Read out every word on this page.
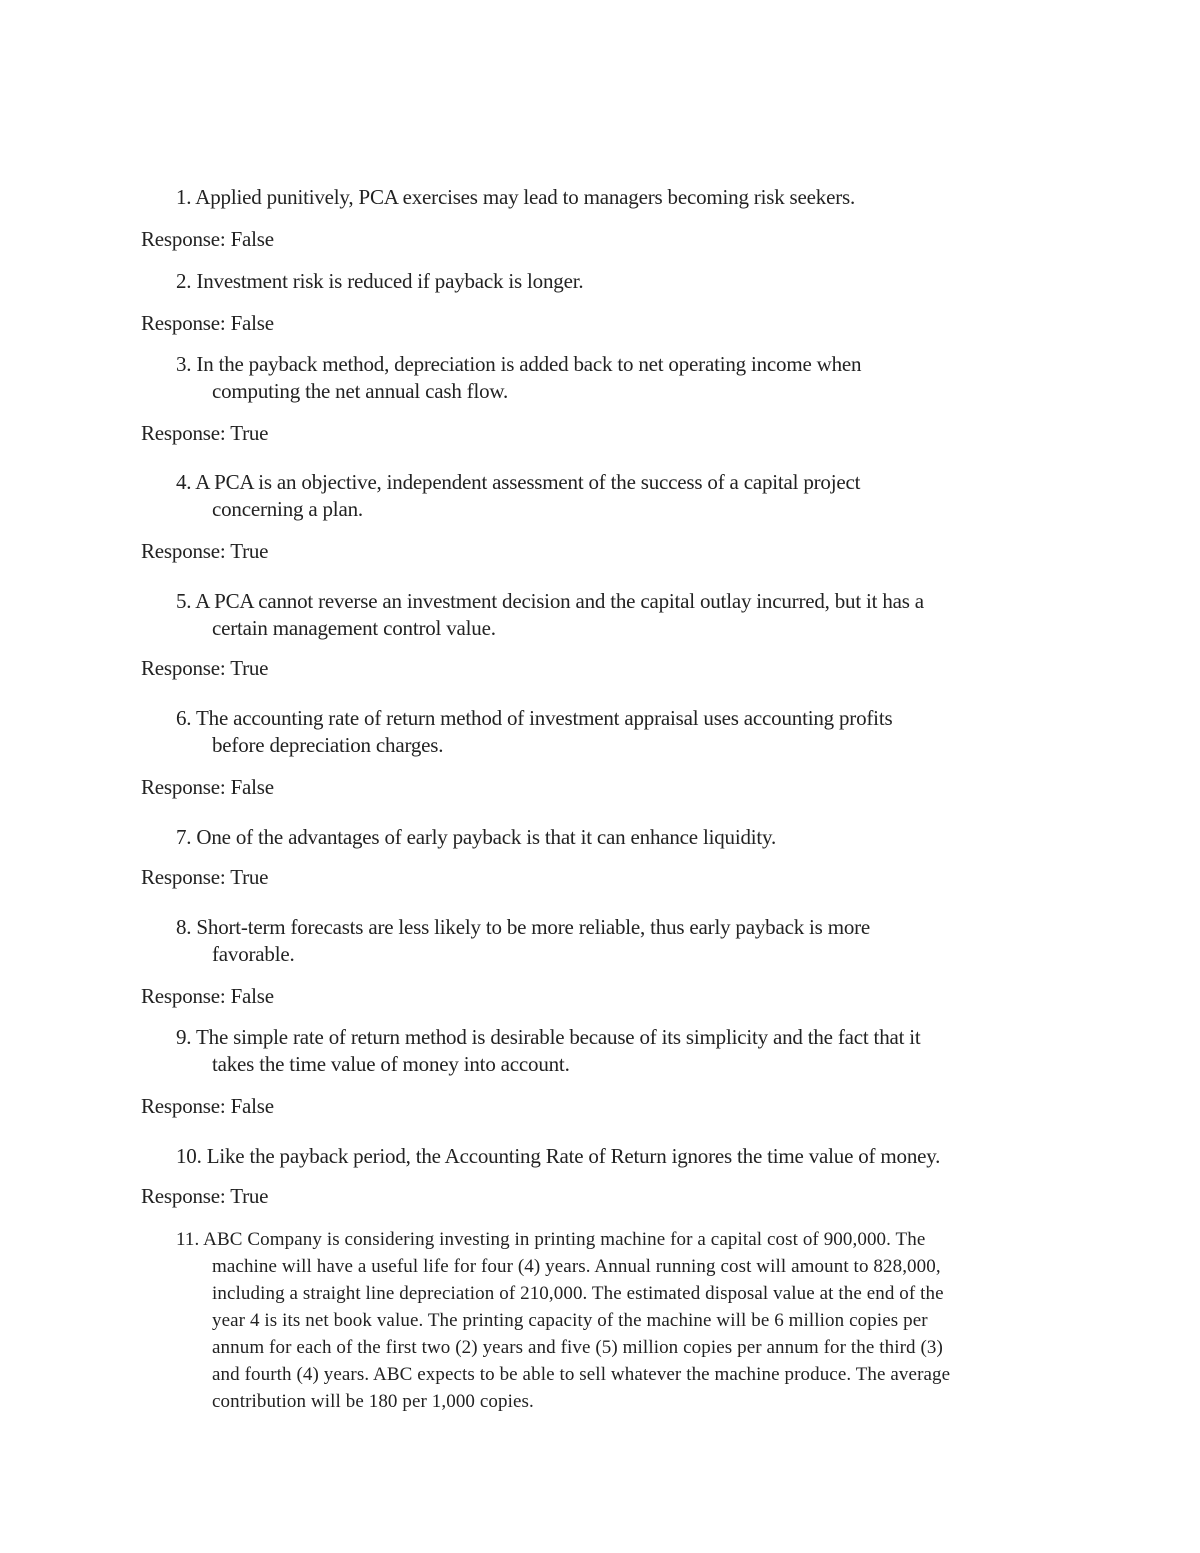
1. Applied punitively, PCA exercises may lead to managers becoming risk seekers.
Response: False
2. Investment risk is reduced if payback is longer.
Response: False
3. In the payback method, depreciation is added back to net operating income when
computing the net annual cash flow.
Response: True
4. A PCA is an objective, independent assessment of the success of a capital project
concerning a plan.
Response: True
5. A PCA cannot reverse an investment decision and the capital outlay incurred, but it has a
certain management control value.
Response: True
6. The accounting rate of return method of investment appraisal uses accounting profits
before depreciation charges.
Response: False
7. One of the advantages of early payback is that it can enhance liquidity.
Response: True
8. Short-term forecasts are less likely to be more reliable, thus early payback is more
favorable.
Response: False
9. The simple rate of return method is desirable because of its simplicity and the fact that it
takes the time value of money into account.
Response: False
10. Like the payback period, the Accounting Rate of Return ignores the time value of money.
Response: True
11. ABC Company is considering investing in printing machine for a capital cost of 900,000. The
machine will have a useful life for four (4) years. Annual running cost will amount to 828,000,
including a straight line depreciation of 210,000. The estimated disposal value at the end of the
year 4 is its net book value. The printing capacity of the machine will be 6 million copies per
annum for each of the first two (2) years and five (5) million copies per annum for the third (3)
and fourth (4) years. ABC expects to be able to sell whatever the machine produce. The average
contribution will be 180 per 1,000 copies.
